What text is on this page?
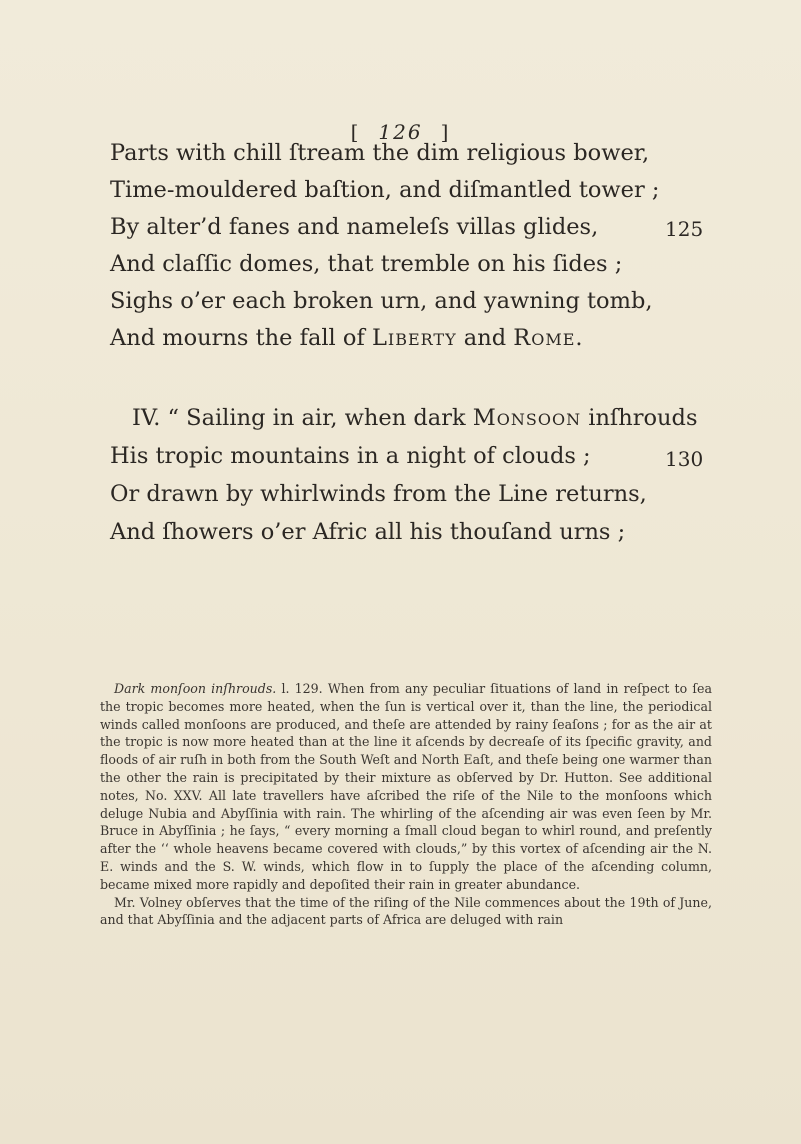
[ 126 ]
Parts with chill ſtream the dim religious bower,
Time-mouldered baſtion, and diſmantled tower ;
By alter’d fanes and nameleſs villas glides,	125
And claſſic domes, that tremble on his ſides ;
Sighs o’er each broken urn, and yawning tomb,
And mourns the fall of Liberty and Rome.
IV. “ Sailing in air, when dark Monsoon inſhrouds
His tropic mountains in a night of clouds ;	130
Or drawn by whirlwinds from the Line returns,
And ſhowers o’er Afric all his thouſand urns ;

Dark monſoon inſhrouds. l. 129. When from any peculiar ſituations of land in reſpect to ſea the tropic becomes more heated, when the ſun is vertical over it, than the line, the periodical winds called monſoons are produced, and theſe are attended by rainy ſeaſons ; for as the air at the tropic is now more heated than at the line it aſcends by decreaſe of its ſpecific gravity, and floods of air ruſh in both from the South Weſt and North Eaſt, and theſe being one warmer than the other the rain is precipitated by their mixture as obſerved by Dr. Hutton. See additional notes, No. XXV. All late travellers have aſcribed the riſe of the Nile to the monſoons which deluge Nubia and Abyſſinia with rain. The whirling of the aſcending air was even ſeen by Mr. Bruce in Abyſſinia ; he ſays, “ every morning a ſmall cloud began to whirl round, and preſently after the ‘‘ whole heavens became covered with clouds,” by this vortex of aſcending air the N. E. winds and the S. W. winds, which flow in to ſupply the place of the aſcending column, became mixed more rapidly and depoſited their rain in greater abundance.

Mr. Volney obſerves that the time of the riſing of the Nile commences about the 19th of June, and that Abyſſinia and the adjacent parts of Africa are deluged with rain
